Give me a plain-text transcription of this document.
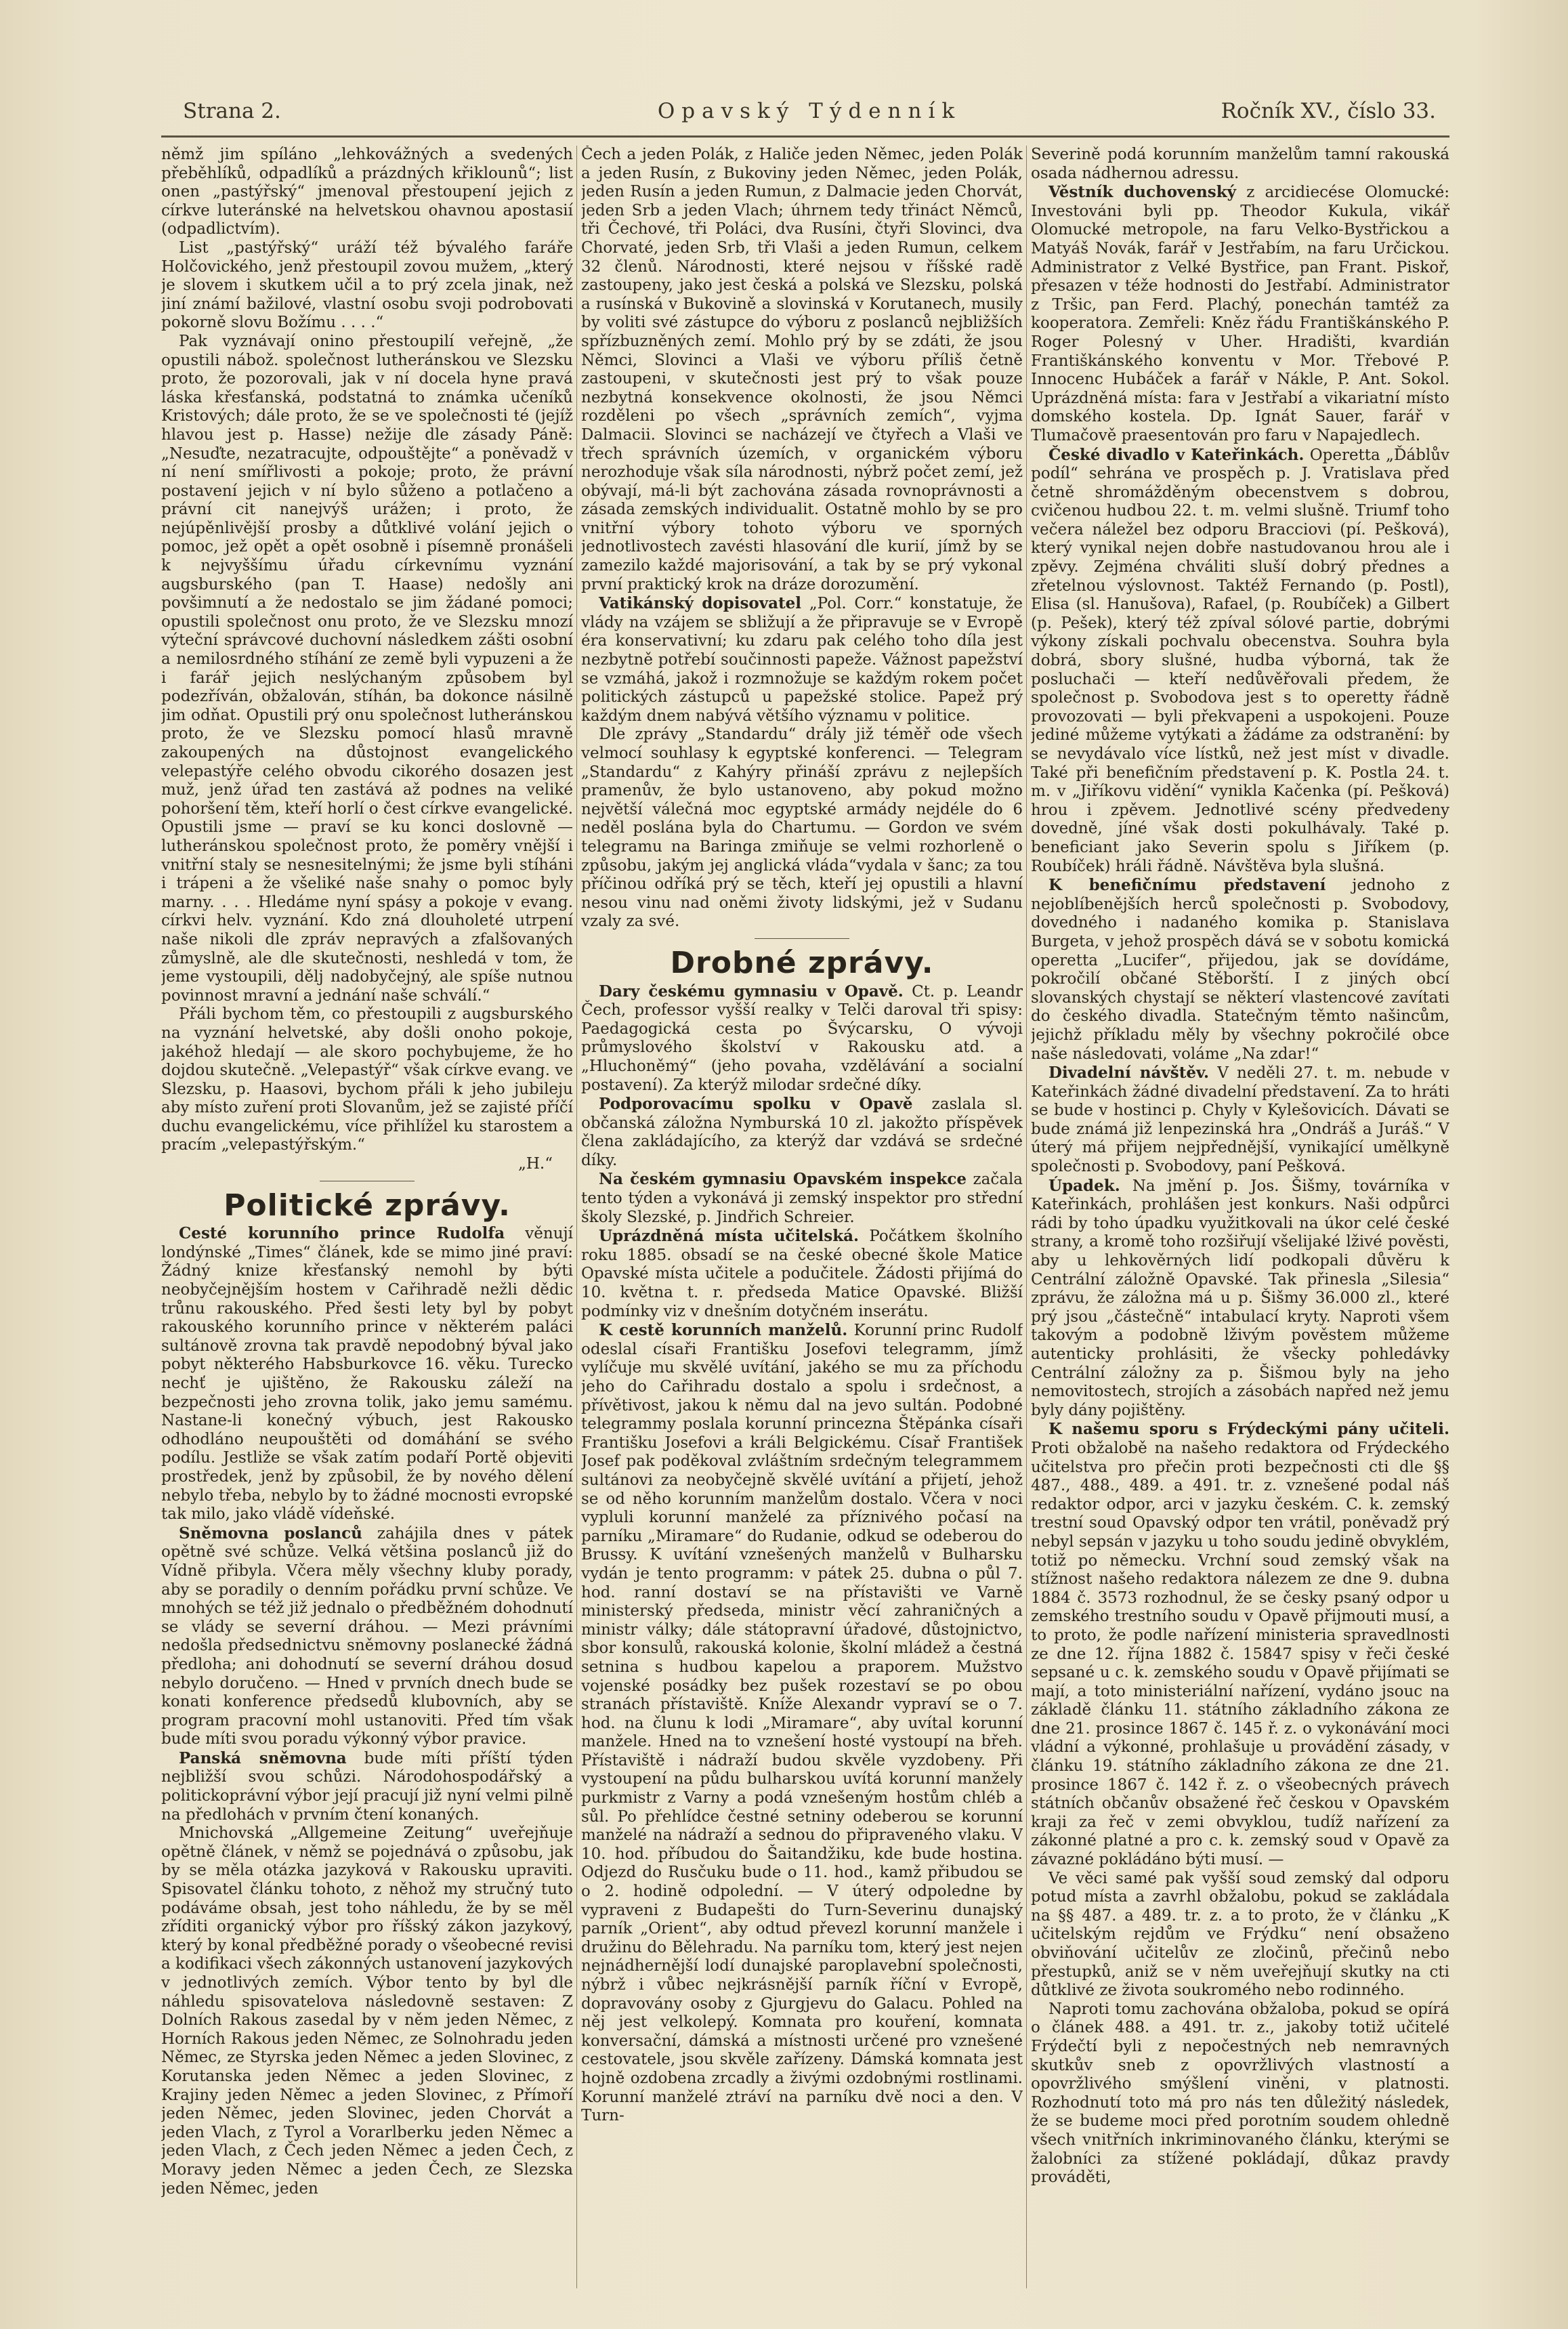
Strana 2.	Opavský Týdenník	Ročník XV., číslo 33.

němž jim spíláno „lehkovážných a svedených přeběhlíků, odpadlíků a prázdných křiklounů“; list onen „pastýřský“ jmenoval přestoupení jejich z církve luteránské na helvetskou ohavnou apostasií (odpadlictvím).

List „pastýřský“ uráží též bývalého faráře Holčovického, jenž přestoupil zovou mužem, „který je slovem i skutkem učil a to prý zcela jinak, než jiní známí bažilové, vlastní osobu svoji podrobovati pokorně slovu Božímu . . . .“

Pak vyznávají onino přestoupilí veřejně, „že opustili nábož. společnost lutheránskou ve Slezsku proto, že pozorovali, jak v ní docela hyne pravá láska křesťanská, podstatná to známka učeníků Kristových; dále proto, že se ve společnosti té (jejíž hlavou jest p. Hasse) nežije dle zásady Páně: „Nesuďte, nezatracujte, odpouštějte“ a poněvadž v ní není smířlivosti a pokoje; proto, že právní postavení jejich v ní bylo sůženo a potlačeno a právní cit nanejvýš urážen; i proto, že nejúpěnlivější prosby a důtklivé volání jejich o pomoc, jež opět a opět osobně i písemně pronášeli k nejvyššímu úřadu církevnímu vyznání augsburského (pan T. Haase) nedošly ani povšimnutí a že nedostalo se jim žádané pomoci; opustili společnost onu proto, že ve Slezsku mnozí výteční správcové duchovní následkem zášti osobní a nemilosrdného stíhání ze země byli vypuzeni a že i farář jejich neslýchaným způsobem byl podezříván, obžalován, stíhán, ba dokonce násilně jim odňat. Opustili prý onu společnost lutheránskou proto, že ve Slezsku pomocí hlasů mravně zakoupených na důstojnost evangelického velepastýře celého obvodu cikorého dosazen jest muž, jenž úřad ten zastává až podnes na veliké pohoršení těm, kteří horlí o čest církve evangelické. Opustili jsme — praví se ku konci doslovně — lutheránskou společnost proto, že poměry vnější i vnitřní staly se nesnesitelnými; že jsme byli stíháni i trápeni a že všeliké naše snahy o pomoc byly marny. . . . Hledáme nyní spásy a pokoje v evang. církvi helv. vyznání. Kdo zná dlouholeté utrpení naše nikoli dle zpráv nepravých a zfalšovaných zůmyslně, ale dle skutečnosti, neshledá v tom, že jeme vystoupili, dělj nadobyčejný, ale spíše nutnou povinnost mravní a jednání naše schválí.“

Přáli bychom těm, co přestoupili z augsburského na vyznání helvetské, aby došli onoho pokoje, jakéhož hledají — ale skoro pochybujeme, že ho dojdou skutečně. „Velepastýř“ však církve evang. ve Slezsku, p. Haasovi, bychom přáli k jeho jubileju aby místo zuření proti Slovanům, jež se zajisté příčí duchu evangelickému, více přihlížel ku starostem a pracím „velepastýřským.“

„H.“

Politické zprávy.

Cesté korunního prince Rudolfa věnují londýnské „Times“ článek, kde se mimo jiné praví: Žádný knize křesťanský nemohl by býti neobyčejnějším hostem v Cařihradě nežli dědic trůnu rakouského. Před šesti lety byl by pobyt rakouského korunního prince v některém paláci sultánově zrovna tak pravdě nepodobný býval jako pobyt některého Habsburkovce 16. věku. Turecko nechť je ujištěno, že Rakousku záleží na bezpečnosti jeho zrovna tolik, jako jemu samému. Nastane-li konečný výbuch, jest Rakousko odhodláno neupouštěti od domáhání se svého podílu. Jestliže se však zatím podaří Portě objeviti prostředek, jenž by způsobil, že by nového dělení nebylo třeba, nebylo by to žádné mocnosti evropské tak milo, jako vládě vídeňské.

Sněmovna poslanců zahájila dnes v pátek opětně své schůze. Velká většina poslanců již do Vídně přibyla. Včera měly všechny kluby porady, aby se poradily o denním pořádku první schůze. Ve mnohých se též již jednalo o předběžném dohodnutí se vlády se severní dráhou. — Mezi právními nedošla předsednictvu sněmovny poslanecké žádná předloha; ani dohodnutí se severní dráhou dosud nebylo doručeno. — Hned v prvních dnech bude se konati konference předsedů klubovních, aby se program pracovní mohl ustanoviti. Před tím však bude míti svou poradu výkonný výbor pravice.

Panská sněmovna bude míti příští týden nejbližší svou schůzi. Národohospodářský a politickoprávní výbor její pracují již nyní velmi pilně na předlohách v prvním čtení konaných.

Mnichovská „Allgemeine Zeitung“ uveřejňuje opětně článek, v němž se pojednává o způsobu, jak by se měla otázka jazyková v Rakousku upraviti. Spisovatel článku tohoto, z něhož my stručný tuto podáváme obsah, jest toho náhledu, že by se měl zříditi organický výbor pro říšský zákon jazykový, který by konal předběžné porady o všeobecné revisi a kodifikaci všech zákonných ustanovení jazykových v jednotlivých zemích. Výbor tento by byl dle náhledu spisovatelova následovně sestaven: Z Dolních Rakous zasedal by v něm jeden Němec, z Horních Rakous jeden Němec, ze Solnohradu jeden Němec, ze Styrska jeden Němec a jeden Slovinec, z Korutanska jeden Němec a jeden Slovinec, z Krajiny jeden Němec a jeden Slovinec, z Přímoří jeden Němec, jeden Slovinec, jeden Chorvát a jeden Vlach, z Tyrol a Vorarlberku jeden Němec a jeden Vlach, z Čech jeden Němec a jeden Čech, z Moravy jeden Němec a jeden Čech, ze Slezska jeden Němec, jeden

Čech a jeden Polák, z Haliče jeden Němec, jeden Polák a jeden Rusín, z Bukoviny jeden Němec, jeden Polák, jeden Rusín a jeden Rumun, z Dalmacie jeden Chorvát, jeden Srb a jeden Vlach; úhrnem tedy třináct Němců, tři Čechové, tři Poláci, dva Rusíni, čtyři Slovinci, dva Chorvaté, jeden Srb, tři Vlaši a jeden Rumun, celkem 32 členů. Národnosti, které nejsou v říšské radě zastoupeny, jako jest česká a polská ve Slezsku, polská a rusínská v Bukovině a slovinská v Korutanech, musily by voliti své zástupce do výboru z poslanců nejbližších spřízbuzněných zemí. Mohlo prý by se zdáti, že jsou Němci, Slovinci a Vlaši ve výboru příliš četně zastoupeni, v skutečnosti jest prý to však pouze nezbytná konsekvence okolnosti, že jsou Němci rozděleni po všech „správních zemích“, vyjma Dalmacii. Slovinci se nacházejí ve čtyřech a Vlaši ve třech správních územích, v organickém výboru nerozhoduje však síla národnosti, nýbrž počet zemí, jež obývají, má-li být zachována zásada rovnoprávnosti a zásada zemských individualit. Ostatně mohlo by se pro vnitřní výbory tohoto výboru ve sporných jednotlivostech zavésti hlasování dle kurií, jímž by se zamezilo každé majorisování, a tak by se prý vykonal první praktický krok na dráze dorozumění.

Vatikánský dopisovatel „Pol. Corr.“ konstatuje, že vlády na vzájem se sbližují a že připravuje se v Evropě éra konservativní; ku zdaru pak celého toho díla jest nezbytně potřebí součinnosti papeže. Vážnost papežství se vzmáhá, jakož i rozmnožuje se každým rokem počet politických zástupců u papežské stolice. Papež prý každým dnem nabývá většího významu v politice.

Dle zprávy „Standardu“ drály již téměř ode všech velmocí souhlasy k egyptské konferenci. — Telegram „Standardu“ z Kahýry přináší zprávu z nejlepších pramenův, že bylo ustanoveno, aby pokud možno největší válečná moc egyptské armády nejdéle do 6 neděl poslána byla do Chartumu. — Gordon ve svém telegramu na Baringa zmiňuje se velmi rozhorleně o způsobu, jakým jej anglická vláda“vydala v šanc; za tou příčinou odříká prý se těch, kteří jej opustili a hlavní nesou vinu nad oněmi životy lidskými, jež v Sudanu vzaly za své.

Drobné zprávy.

Dary českému gymnasiu v Opavě. Ct. p. Leandr Čech, professor vyšší realky v Telči daroval tři spisy: Paedagogická cesta po Švýcarsku, O vývoji průmyslového školství v Rakousku atd. a „Hluchoněmý“ (jeho povaha, vzdělávání a socialní postavení). Za kterýž milodar srdečné díky.

Podporovacímu spolku v Opavě zaslala sl. občanská záložna Nymburská 10 zl. jakožto příspěvek člena zakládajícího, za kterýž dar vzdává se srdečné díky.

Na českém gymnasiu Opavském inspekce začala tento týden a vykonává ji zemský inspektor pro střední školy Slezské, p. Jindřich Schreier.

Uprázdněná místa učitelská. Počátkem školního roku 1885. obsadí se na české obecné škole Matice Opavské místa učitele a podučitele. Žádosti přijímá do 10. května t. r. předseda Matice Opavské. Bližší podmínky viz v dnešním dotyčném inserátu.

K cestě korunních manželů. Korunní princ Rudolf odeslal císaři Františku Josefovi telegramm, jímž vylíčuje mu skvělé uvítání, jakého se mu za příchodu jeho do Cařihradu dostalo a spolu i srdečnost, a přívětivost, jakou k němu dal na jevo sultán. Podobné telegrammy poslala korunní princezna Štěpánka císaři Františku Josefovi a králi Belgickému. Císař František Josef pak poděkoval zvláštním srdečným telegrammem sultánovi za neobyčejně skvělé uvítání a přijetí, jehož se od něho korunním manželům dostalo. Včera v noci vypluli korunní manželé za příznivého počasí na parníku „Miramare“ do Rudanie, odkud se odeberou do Brussy. K uvítání vznešených manželů v Bulharsku vydán je tento programm: v pátek 25. dubna o půl 7. hod. ranní dostaví se na přístavišti ve Varně ministerský předseda, ministr věcí zahraničných a ministr války; dále státopravní úřadové, důstojnictvo, sbor konsulů, rakouská kolonie, školní mládež a čestná setnina s hudbou kapelou a praporem. Mužstvo vojenské posádky bez pušek rozestaví se po obou stranách přístaviště. Kníže Alexandr vypraví se o 7. hod. na člunu k lodi „Miramare“, aby uvítal korunní manžele. Hned na to vznešení hosté vystoupí na břeh. Přístaviště i nádraží budou skvěle vyzdobeny. Při vystoupení na půdu bulharskou uvítá korunní manžely purkmistr z Varny a podá vznešeným hostům chléb a sůl. Po přehlídce čestné setniny odeberou se korunní manželé na nádraží a sednou do připraveného vlaku. V 10. hod. příbudou do Šaitandžiku, kde bude hostina. Odjezd do Rusčuku bude o 11. hod., kamž přibudou se o 2. hodině odpolední. — V úterý odpoledne by vypraveni z Budapešti do Turn-Severinu dunajský parník „Orient“, aby odtud převezl korunní manžele i družinu do Bělehradu. Na parníku tom, který jest nejen nejnádhernější lodí dunajské paroplavební společnosti, nýbrž i vůbec nejkrásnější parník říční v Evropě, dopravovány osoby z Gjurgjevu do Galacu. Pohled na něj jest velkolepý. Komnata pro kouření, komnata konversační, dámská a místnosti určené pro vznešené cestovatele, jsou skvěle zařízeny. Dámská komnata jest hojně ozdobena zrcadly a živými ozdobnými rostlinami. Korunní manželé ztráví na parníku dvě noci a den. V Turn-

Severině podá korunním manželům tamní rakouská osada nádhernou adressu.

Věstník duchovenský z arcidiecése Olomucké: Investováni byli pp. Theodor Kukula, vikář Olomucké metropole, na faru Velko-Bystřickou a Matyáš Novák, farář v Jestřabím, na faru Určickou. Administrator z Velké Bystřice, pan Frant. Piskoř, přesazen v téže hodnosti do Jestřabí. Administrator z Tršic, pan Ferd. Plachý, ponechán tamtéž za kooperatora. Zemřeli: Kněz řádu Františkánského P. Roger Polesný v Uher. Hradišti, kvardián Františkánského konventu v Mor. Třebové P. Innocenc Hubáček a farář v Nákle, P. Ant. Sokol. Uprázdněná místa: fara v Jestřabí a vikariatní místo domského kostela. Dp. Ignát Sauer, farář v Tlumačově praesentován pro faru v Napajedlech.

České divadlo v Kateřinkách. Operetta „Ďáblův podíl“ sehrána ve prospěch p. J. Vratislava před četně shromážděným obecenstvem s dobrou, cvičenou hudbou 22. t. m. velmi slušně. Triumf toho večera náležel bez odporu Bracciovi (pí. Pešková), který vynikal nejen dobře nastudovanou hrou ale i zpěvy. Zejména chváliti sluší dobrý přednes a zřetelnou výslovnost. Taktéž Fernando (p. Postl), Elisa (sl. Hanušova), Rafael, (p. Roubíček) a Gilbert (p. Pešek), který též zpíval sólové partie, dobrými výkony získali pochvalu obecenstva. Souhra byla dobrá, sbory slušné, hudba výborná, tak že posluchači — kteří nedůvěřovali předem, že společnost p. Svobodova jest s to operetty řádně provozovati — byli překvapeni a uspokojeni. Pouze jediné můžeme vytýkati a žádáme za odstranění: by se nevydávalo více lístků, než jest míst v divadle. Také při benefičním představení p. K. Postla 24. t. m. v „Jiříkovu vidění“ vynikla Kačenka (pí. Pešková) hrou i zpěvem. Jednotlivé scény předvedeny dovedně, jíné však dosti pokulhávaly. Také p. beneficiant jako Severin spolu s Jiříkem (p. Roubíček) hráli řádně. Návštěva byla slušná.

K benefičnímu představení jednoho z nejoblíbenějších herců společnosti p. Svobodovy, dovedného i nadaného komika p. Stanislava Burgeta, v jehož prospěch dává se v sobotu komická operetta „Lucifer“, přijedou, jak se dovídáme, pokročilí občané Stěborští. I z jiných obcí slovanských chystají se některí vlastencové zavítati do českého divadla. Statečným těmto našincům, jejichž příkladu měly by všechny pokročilé obce naše následovati, voláme „Na zdar!“

Divadelní návštěv. V neděli 27. t. m. nebude v Kateřinkách žádné divadelní představení. Za to hráti se bude v hostinci p. Chyly v Kylešovicích. Dávati se bude známá již lenpezinská hra „Ondráš a Juráš.“ V úterý má přijem nejpřednější, vynikající umělkyně společnosti p. Svobodovy, paní Pešková.

Úpadek. Na jmění p. Jos. Šišmy, továrníka v Kateřinkách, prohlášen jest konkurs. Naši odpůrci rádi by toho úpadku využitkovali na úkor celé české strany, a kromě toho rozšiřují všelijaké lživé pověsti, aby u lehkověrných lidí podkopali důvěru k Centrální záložně Opavské. Tak přinesla „Silesia“ zprávu, že záložna má u p. Šišmy 36.000 zl., které prý jsou „částečně“ intabulací kryty. Naproti všem takovým a podobně lživým pověstem můžeme autenticky prohlásiti, že všecky pohledávky Centrální záložny za p. Šišmou byly na jeho nemovitostech, strojích a zásobách napřed než jemu byly dány pojištěny.

K našemu sporu s Frýdeckými pány učiteli. Proti obžalobě na našeho redaktora od Frýdeckého učitelstva pro přečin proti bezpečnosti cti dle §§ 487., 488., 489. a 491. tr. z. vznešené podal náš redaktor odpor, arci v jazyku českém. C. k. zemský trestní soud Opavský odpor ten vrátil, poněvadž prý nebyl sepsán v jazyku u toho soudu jedině obvyklém, totiž po německu. Vrchní soud zemský však na stížnost našeho redaktora nálezem ze dne 9. dubna 1884 č. 3573 rozhodnul, že se česky psaný odpor u zemského trestního soudu v Opavě přijmouti musí, a to proto, že podle nařízení ministeria spravedlnosti ze dne 12. října 1882 č. 15847 spisy v řeči české sepsané u c. k. zemského soudu v Opavě přijímati se mají, a toto ministeriální nařízení, vydáno jsouc na základě článku 11. státního základního zákona ze dne 21. prosince 1867 č. 145 ř. z. o vykonávání moci vládní a výkonné, prohlašuje u provádění zásady, v článku 19. státního základního zákona ze dne 21. prosince 1867 č. 142 ř. z. o všeobecných právech státních občanův obsažené řeč českou v Opavském kraji za řeč v zemi obvyklou, tudíž nařízení za zákonné platné a pro c. k. zemský soud v Opavě za závazné pokládáno býti musí. —

Ve věci samé pak vyšší soud zemský dal odporu potud místa a zavrhl obžalobu, pokud se zakládala na §§ 487. a 489. tr. z. a to proto, že v článku „K učitelským rejdům ve Frýdku“ není obsaženo obviňování učitelův ze zločinů, přečinů nebo přestupků, aniž se v něm uveřejňují skutky na cti důtklivé ze života soukromého nebo rodinného.

Naproti tomu zachována obžaloba, pokud se opírá o článek 488. a 491. tr. z., jakoby totiž učitelé Frýdečtí byli z nepočestných neb nemravných skutkův sneb z opovržlivých vlastností a opovržlivého smýšlení viněni, v platnosti. Rozhodnutí toto má pro nás ten důležitý následek, že se budeme moci před porotním soudem ohledně všech vnitřních inkriminovaného článku, kterými se žalobníci za stížené pokládají, důkaz pravdy prováděti,
